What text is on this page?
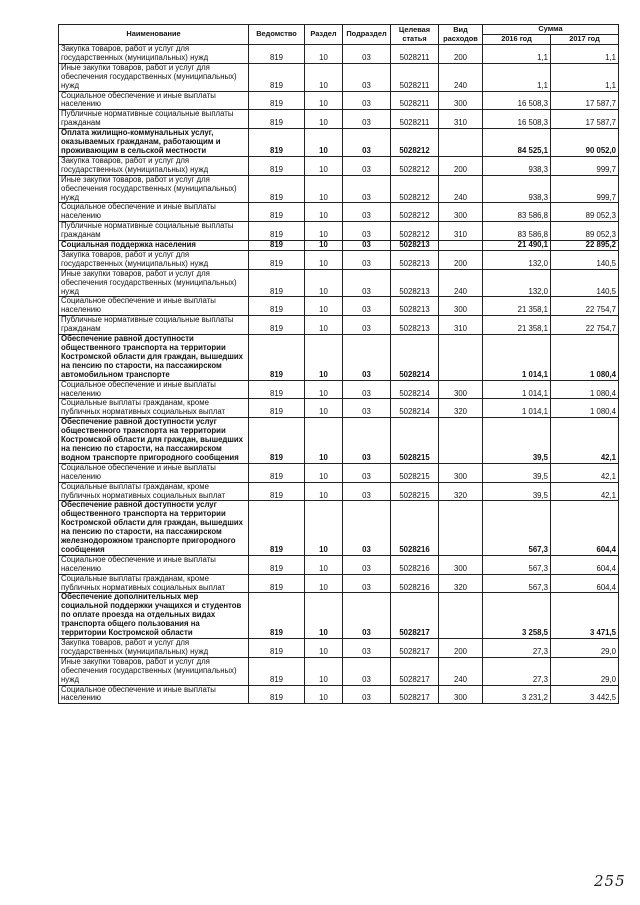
Наименование	Ведомство	Раздел	Подраздел	Целевая статья	Вид расходов	Сумма	
						2016 год	2017 год
Закупка товаров, работ и услуг для государственных (муниципальных) нужд	819	10	03	5028211	200	1,1	1,1
Иные закупки товаров, работ и услуг для обеспечения государственных (муниципальных) нужд	819	10	03	5028211	240	1,1	1,1
Социальное обеспечение и иные выплаты населению	819	10	03	5028211	300	16 508,3	17 587,7
Публичные нормативные социальные выплаты гражданам	819	10	03	5028211	310	16 508,3	17 587,7
Оплата жилищно-коммунальных услуг, оказываемых гражданам, работающим и проживающим в сельской местности	819	10	03	5028212		84 525,1	90 052,0
Закупка товаров, работ и услуг для государственных (муниципальных) нужд	819	10	03	5028212	200	938,3	999,7
Иные закупки товаров, работ и услуг для обеспечения государственных (муниципальных) нужд	819	10	03	5028212	240	938,3	999,7
Социальное обеспечение и иные выплаты населению	819	10	03	5028212	300	83 586,8	89 052,3
Публичные нормативные социальные выплаты гражданам	819	10	03	5028212	310	83 586,8	89 052,3
Социальная поддержка населения	819	10	03	5028213		21 490,1	22 895,2
Закупка товаров, работ и услуг для государственных (муниципальных) нужд	819	10	03	5028213	200	132,0	140,5
Иные закупки товаров, работ и услуг для обеспечения государственных (муниципальных) нужд	819	10	03	5028213	240	132,0	140,5
Социальное обеспечение и иные выплаты населению	819	10	03	5028213	300	21 358,1	22 754,7
Публичные нормативные социальные выплаты гражданам	819	10	03	5028213	310	21 358,1	22 754,7
Обеспечение равной доступности общественного транспорта на территории Костромской области для граждан, вышедших на пенсию по старости, на пассажирском автомобильном транспорте	819	10	03	5028214		1 014,1	1 080,4
Социальное обеспечение и иные выплаты населению	819	10	03	5028214	300	1 014,1	1 080,4
Социальные выплаты гражданам, кроме публичных нормативных социальных выплат	819	10	03	5028214	320	1 014,1	1 080,4
Обеспечение равной доступности услуг общественного транспорта на территории Костромской области для граждан, вышедших на пенсию по старости, на пассажирском водном транспорте пригородного сообщения	819	10	03	5028215		39,5	42,1
Социальное обеспечение и иные выплаты населению	819	10	03	5028215	300	39,5	42,1
Социальные выплаты гражданам, кроме публичных нормативных социальных выплат	819	10	03	5028215	320	39,5	42,1
Обеспечение равной доступности услуг общественного транспорта на территории Костромской области для граждан, вышедших на пенсию по старости, на пассажирском железнодорожном транспорте пригородного сообщения	819	10	03	5028216		567,3	604,4
Социальное обеспечение и иные выплаты населению	819	10	03	5028216	300	567,3	604,4
Социальные выплаты гражданам, кроме публичных нормативных социальных выплат	819	10	03	5028216	320	567,3	604,4
Обеспечение дополнительных мер социальной поддержки учащихся и студентов по оплате проезда на отдельных видах транспорта общего пользования на территории Костромской области	819	10	03	5028217		3 258,5	3 471,5
Закупка товаров, работ и услуг для государственных (муниципальных) нужд	819	10	03	5028217	200	27,3	29,0
Иные закупки товаров, работ и услуг для обеспечения государственных (муниципальных) нужд	819	10	03	5028217	240	27,3	29,0
Социальное обеспечение и иные выплаты населению	819	10	03	5028217	300	3 231,2	3 442,5
255
